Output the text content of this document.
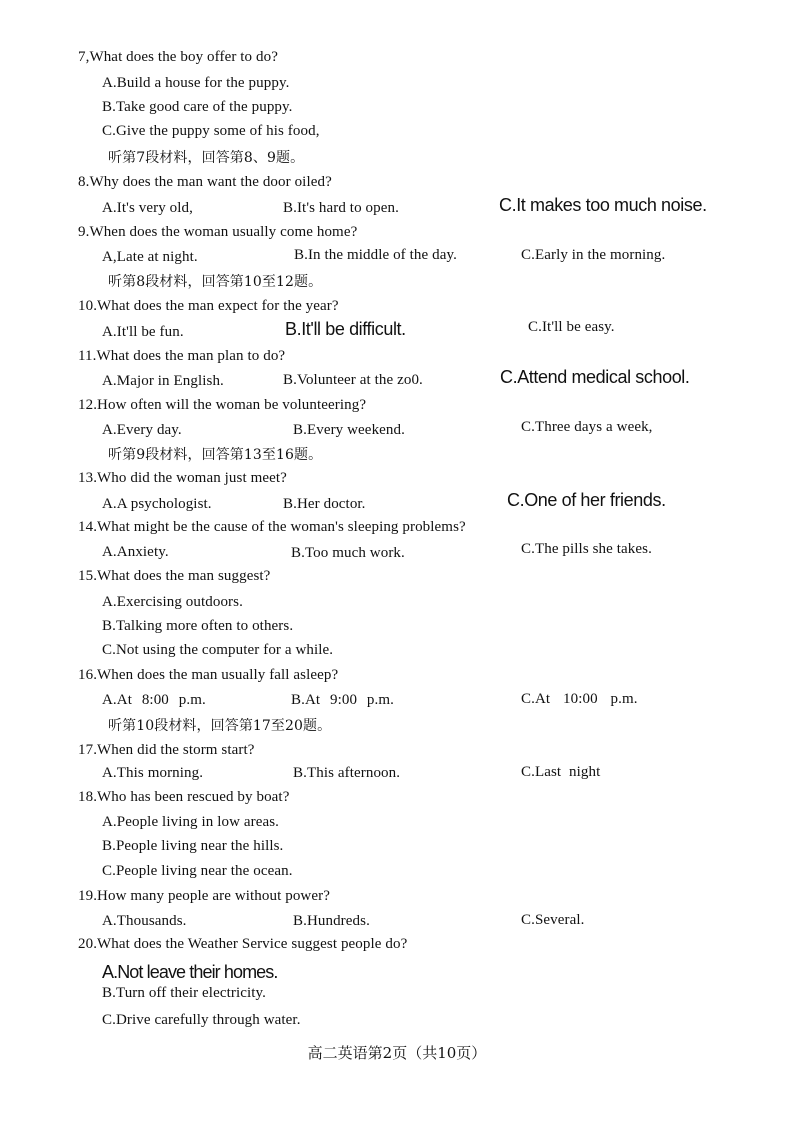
7,What does the boy offer to do?
A.Build a house for the puppy.
B.Take good care of the puppy.
C.Give the puppy some of his food,
听第7段材料，回答第8、9题。
8.Why does the man want the door oiled?
A.It's very old,	B.It's hard to open.	C.It makes too much noise.
9.When does the woman usually come home?
A,Late at night.	B.In the middle of the day.	C.Early in the morning.
听第8段材料，回答第10至12题。
10.What does the man expect for the year?
A.It'll be fun.	B.It'll be difficult.	C.It'll be easy.
11.What does the man plan to do?
A.Major in English.	B.Volunteer at the zo0.	C.Attend medical school.
12.How often will the woman be volunteering?
A.Every day.	B.Every weekend.	C.Three days a week,
听第9段材料，回答第13至16题。
13.Who did the woman just meet?
A.A psychologist.	B.Her doctor.	C.One of her friends.
14.What might be the cause of the woman's sleeping problems?
A.Anxiety.	B.Too much work.	C.The pills she takes.
15.What does the man suggest?
A.Exercising outdoors.
B.Talking more often to others.
C.Not using the computer for a while.
16.When does the man usually fall asleep?
A.At 8:00 p.m.	B.At 9:00 p.m.	C.At 10:00 p.m.
听第10段材料，回答第17至20题。
17.When did the storm start?
A.This morning.	B.This afternoon.	C.Last night
18.Who has been rescued by boat?
A.People living in low areas.
B.People living near the hills.
C.People living near the ocean.
19.How many people are without power?
A.Thousands.	B.Hundreds.	C.Several.
20.What does the Weather Service suggest people do?
A.Not leave their homes.
B.Turn off their electricity.
C.Drive carefully through water.
高二英语第2页（共10页）
